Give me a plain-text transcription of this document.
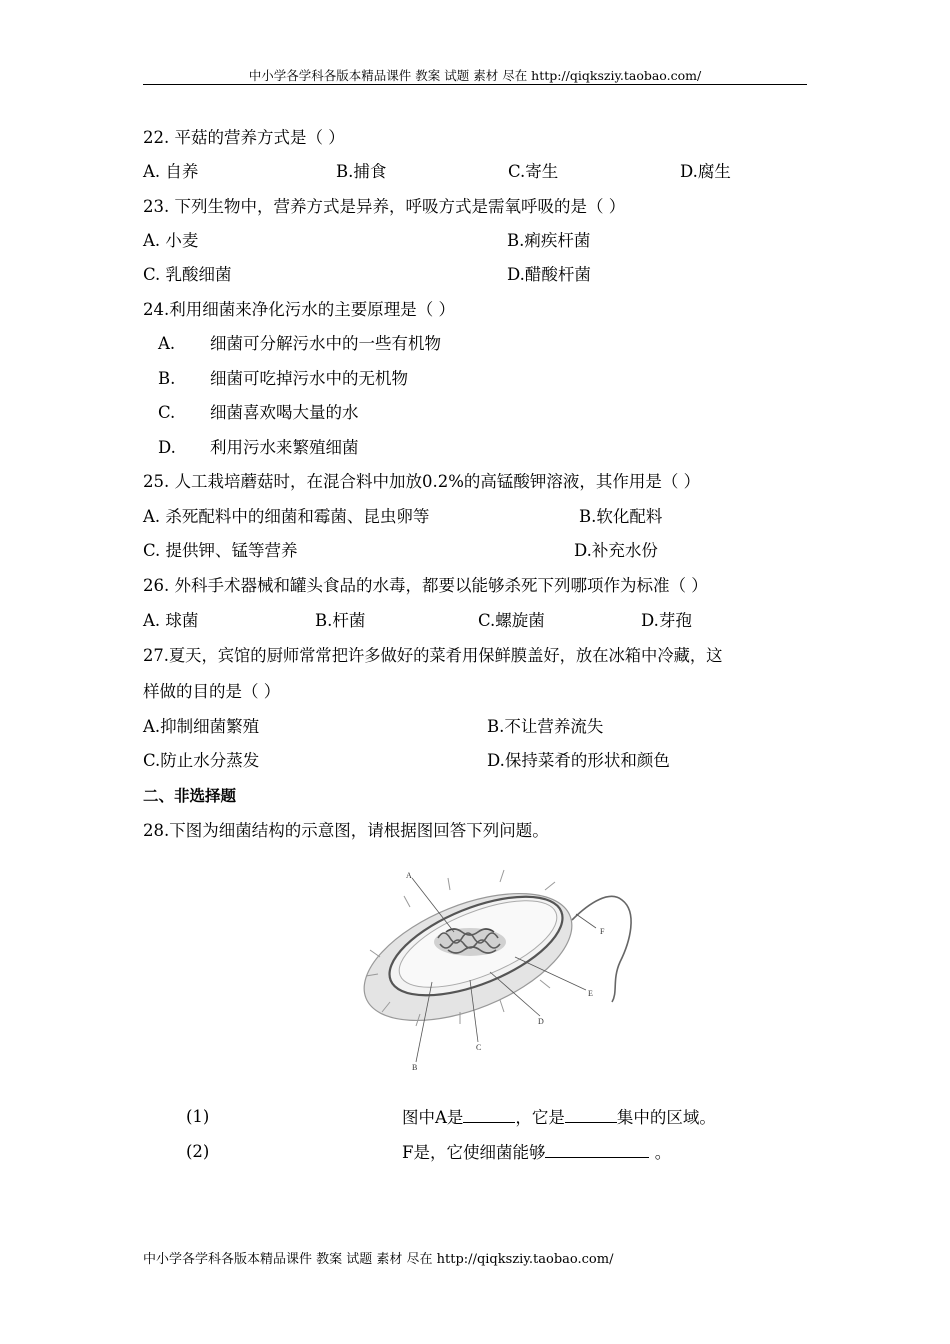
中小学各学科各版本精品课件 教案 试题 素材 尽在 http://qiqksziy.taobao.com/
22. 平菇的营养方式是（ ）
A. 自养	B.捕食	C.寄生	D.腐生
23. 下列生物中，营养方式是异养，呼吸方式是需氧呼吸的是（ ）
A. 小麦	B.痢疾杆菌
C. 乳酸细菌	D.醋酸杆菌
24.利用细菌来净化污水的主要原理是（ ）
A. 细菌可分解污水中的一些有机物
B. 细菌可吃掉污水中的无机物
C. 细菌喜欢喝大量的水
D. 利用污水来繁殖细菌
25. 人工栽培蘑菇时，在混合料中加放0.2%的高锰酸钾溶液，其作用是（ ）
A. 杀死配料中的细菌和霉菌、昆虫卵等	B.软化配料
C. 提供钾、锰等营养	D.补充水份
26. 外科手术器械和罐头食品的水毒，都要以能够杀死下列哪项作为标准（ ）
A. 球菌	B.杆菌	C.螺旋菌	D.芽孢
27.夏天，宾馆的厨师常常把许多做好的菜肴用保鲜膜盖好，放在冰箱中冷藏，这
样做的目的是（ ）
A.抑制细菌繁殖	B.不让营养流失
C.防止水分蒸发	D.保持菜肴的形状和颜色
二、非选择题
28.下图为细菌结构的示意图，请根据图回答下列问题。
A
F
E
D
C
B
(1)	图中A是	，它是	集中的区域。
(2)	F是，它使细菌能够	。
中小学各学科各版本精品课件 教案 试题 素材 尽在 http://qiqksziy.taobao.com/
